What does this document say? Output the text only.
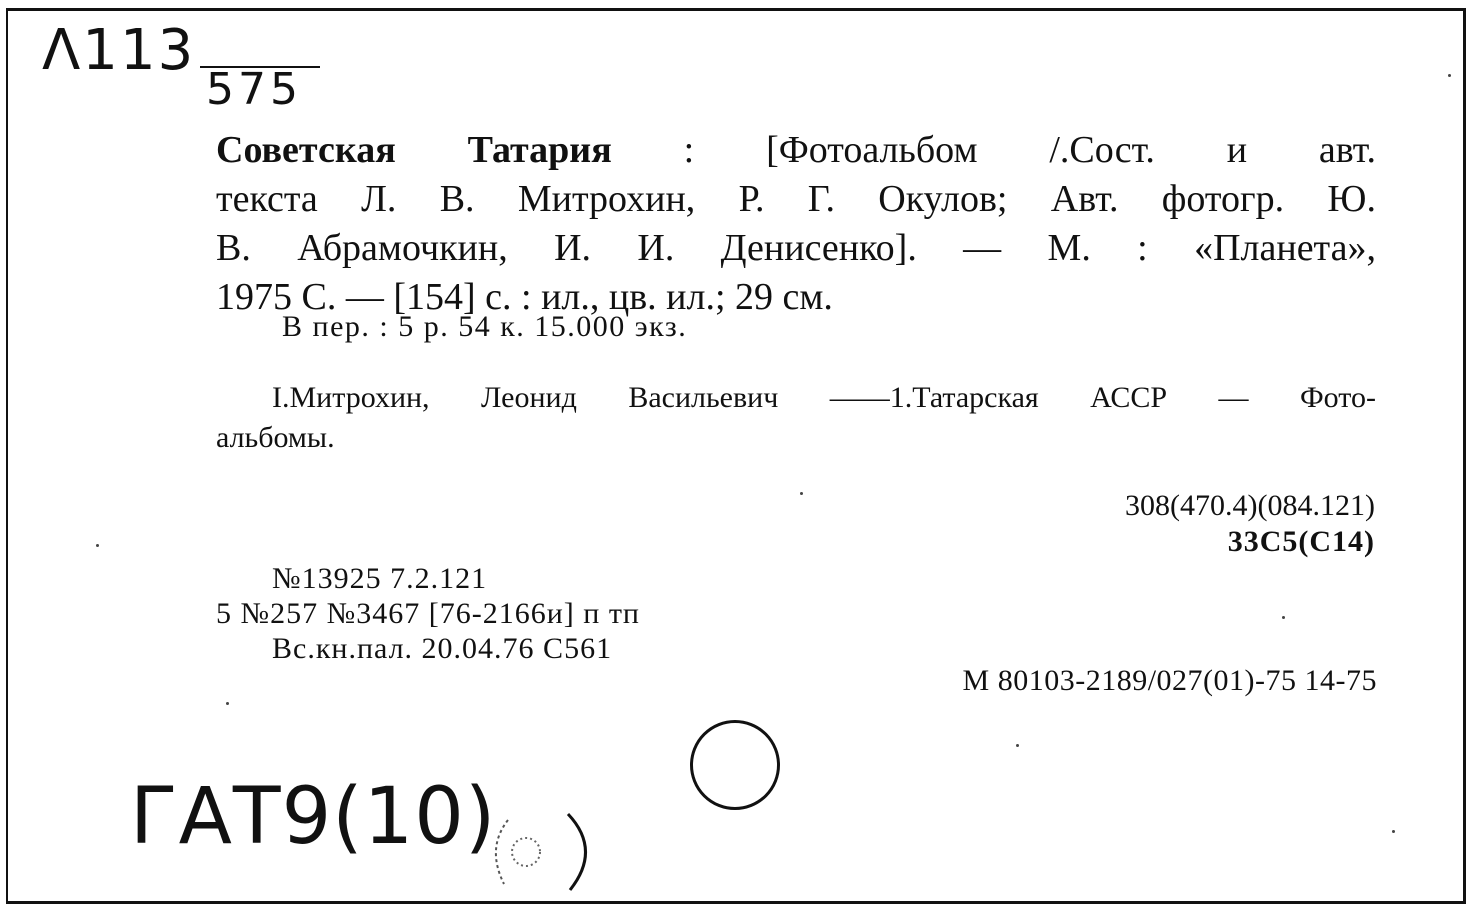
Λ113
575
Советская Татария : [Фотоальбом /.Сост. и авт.
текста Л. В. Митрохин, Р. Г. Окулов; Авт. фотогр. Ю.
В. Абрамочкин, И. И. Денисенко]. — М. : «Планета»,
1975 С. — [154] с. : ил., цв. ил.; 29 см.
В пер. : 5 р. 54 к. 15.000 экз.
I.Митрохин, Леонид Васильевич ——1.Татарская АССР — Фото-
альбомы.
308(470.4)(084.121)
33С5(С14)
№13925 7.2.121
5 №257 №3467 [76-2166и] п тп
Вс.кн.пал. 20.04.76 С561
М 80103-2189/027(01)-75 14-75
ГАТ9(10)
